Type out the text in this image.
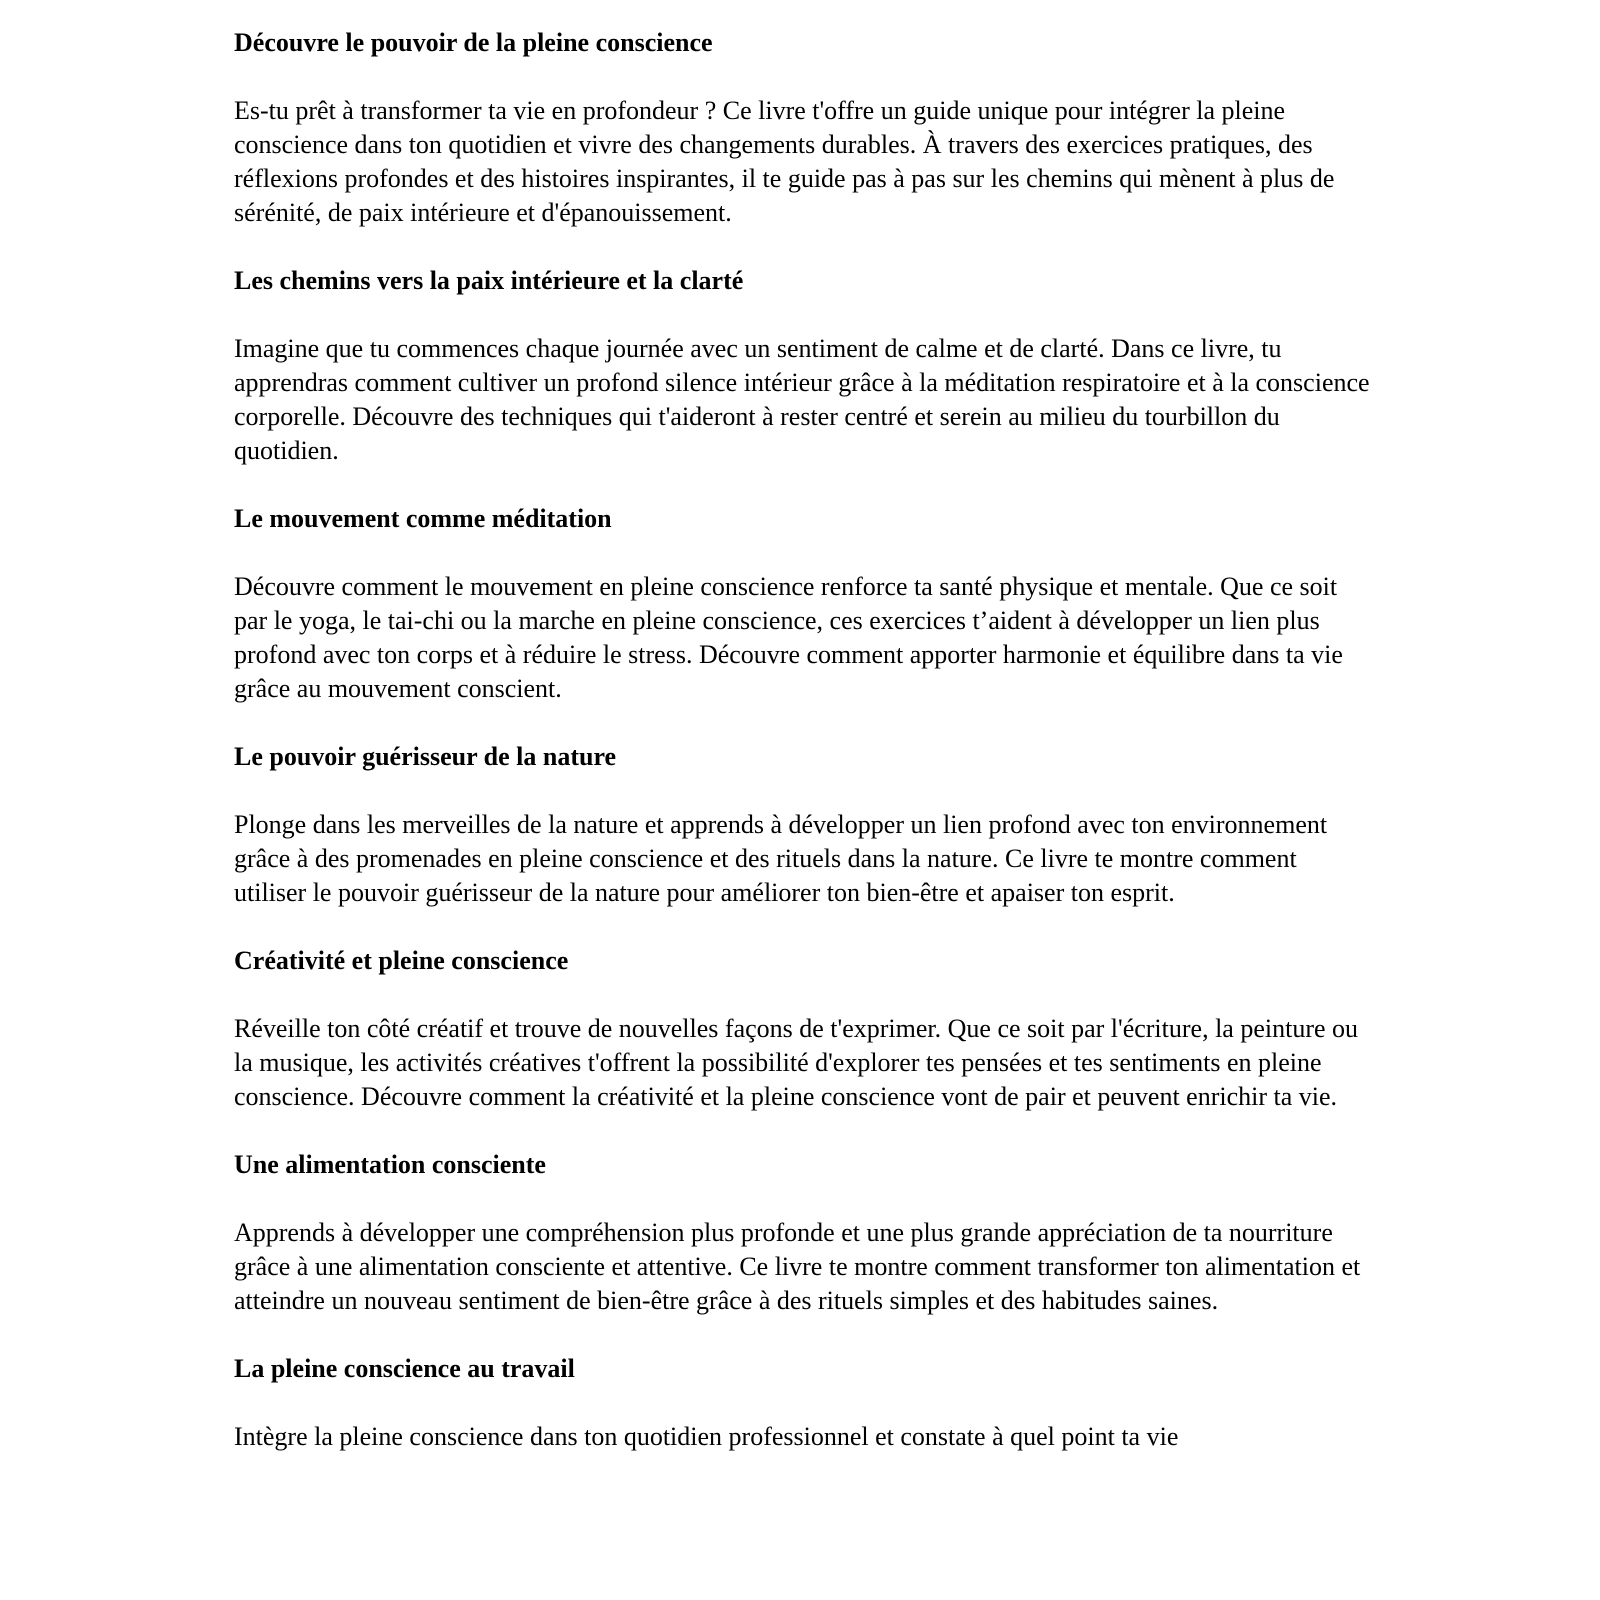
Découvre le pouvoir de la pleine conscience
Es-tu prêt à transformer ta vie en profondeur ? Ce livre t'offre un guide unique pour intégrer la pleine conscience dans ton quotidien et vivre des changements durables. À travers des exercices pratiques, des réflexions profondes et des histoires inspirantes, il te guide pas à pas sur les chemins qui mènent à plus de sérénité, de paix intérieure et d'épanouissement.
Les chemins vers la paix intérieure et la clarté
Imagine que tu commences chaque journée avec un sentiment de calme et de clarté. Dans ce livre, tu apprendras comment cultiver un profond silence intérieur grâce à la méditation respiratoire et à la conscience corporelle. Découvre des techniques qui t'aideront à rester centré et serein au milieu du tourbillon du quotidien.
Le mouvement comme méditation
Découvre comment le mouvement en pleine conscience renforce ta santé physique et mentale. Que ce soit par le yoga, le tai-chi ou la marche en pleine conscience, ces exercices t’aident à développer un lien plus profond avec ton corps et à réduire le stress. Découvre comment apporter harmonie et équilibre dans ta vie grâce au mouvement conscient.
Le pouvoir guérisseur de la nature
Plonge dans les merveilles de la nature et apprends à développer un lien profond avec ton environnement grâce à des promenades en pleine conscience et des rituels dans la nature. Ce livre te montre comment utiliser le pouvoir guérisseur de la nature pour améliorer ton bien-être et apaiser ton esprit.
Créativité et pleine conscience
Réveille ton côté créatif et trouve de nouvelles façons de t'exprimer. Que ce soit par l'écriture, la peinture ou la musique, les activités créatives t'offrent la possibilité d'explorer tes pensées et tes sentiments en pleine conscience. Découvre comment la créativité et la pleine conscience vont de pair et peuvent enrichir ta vie.
Une alimentation consciente
Apprends à développer une compréhension plus profonde et une plus grande appréciation de ta nourriture grâce à une alimentation consciente et attentive. Ce livre te montre comment transformer ton alimentation et atteindre un nouveau sentiment de bien-être grâce à des rituels simples et des habitudes saines.
La pleine conscience au travail
Intègre la pleine conscience dans ton quotidien professionnel et constate à quel point ta vie
